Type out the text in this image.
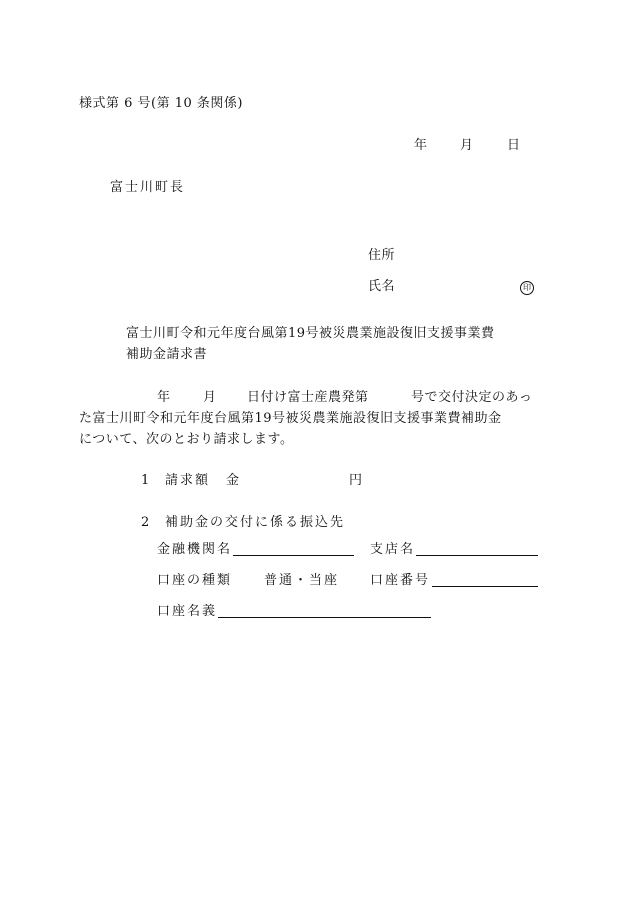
様式第 6 号(第 10 条関係)
年 月	日
富士川町長
住所
氏名	印
富士川町令和元年度台風第19号被災農業施設復旧支援事業費
補助金請求書
年 月 日付け富士産農発第	号で交付決定のあっ
た富士川町令和元年度台風第19号被災農業施設復旧支援事業費補助金
について、次のとおり請求します。
1 請求額 金	円
2 補助金の交付に係る振込先
金融機関名	支店名
口座の種類 普通・当座 口座番号
口座名義
